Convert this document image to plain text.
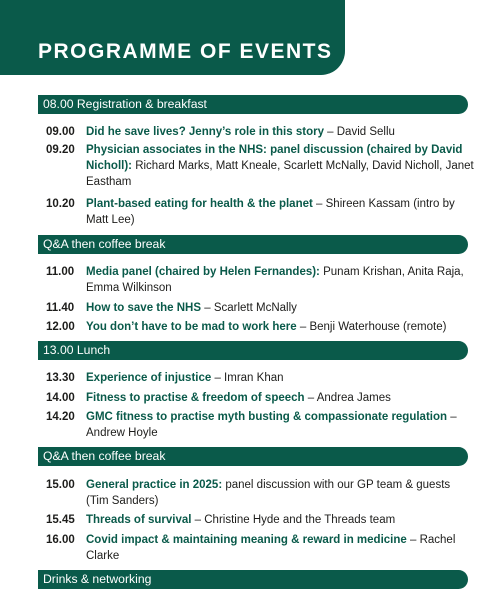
PROGRAMME OF EVENTS
08.00 Registration & breakfast
09.00 Did he save lives? Jenny’s role in this story – David Sellu
09.20 Physician associates in the NHS: panel discussion (chaired by David Nicholl): Richard Marks, Matt Kneale, Scarlett McNally, David Nicholl, Janet Eastham
10.20 Plant-based eating for health & the planet – Shireen Kassam (intro by Matt Lee)
Q&A then coffee break
11.00 Media panel (chaired by Helen Fernandes): Punam Krishan, Anita Raja, Emma Wilkinson
11.40 How to save the NHS – Scarlett McNally
12.00 You don’t have to be mad to work here – Benji Waterhouse (remote)
13.00 Lunch
13.30 Experience of injustice – Imran Khan
14.00 Fitness to practise & freedom of speech – Andrea James
14.20 GMC fitness to practise myth busting & compassionate regulation – Andrew Hoyle
Q&A then coffee break
15.00 General practice in 2025: panel discussion with our GP team & guests (Tim Sanders)
15.45 Threads of survival – Christine Hyde and the Threads team
16.00 Covid impact & maintaining meaning & reward in medicine – Rachel Clarke
Drinks & networking
